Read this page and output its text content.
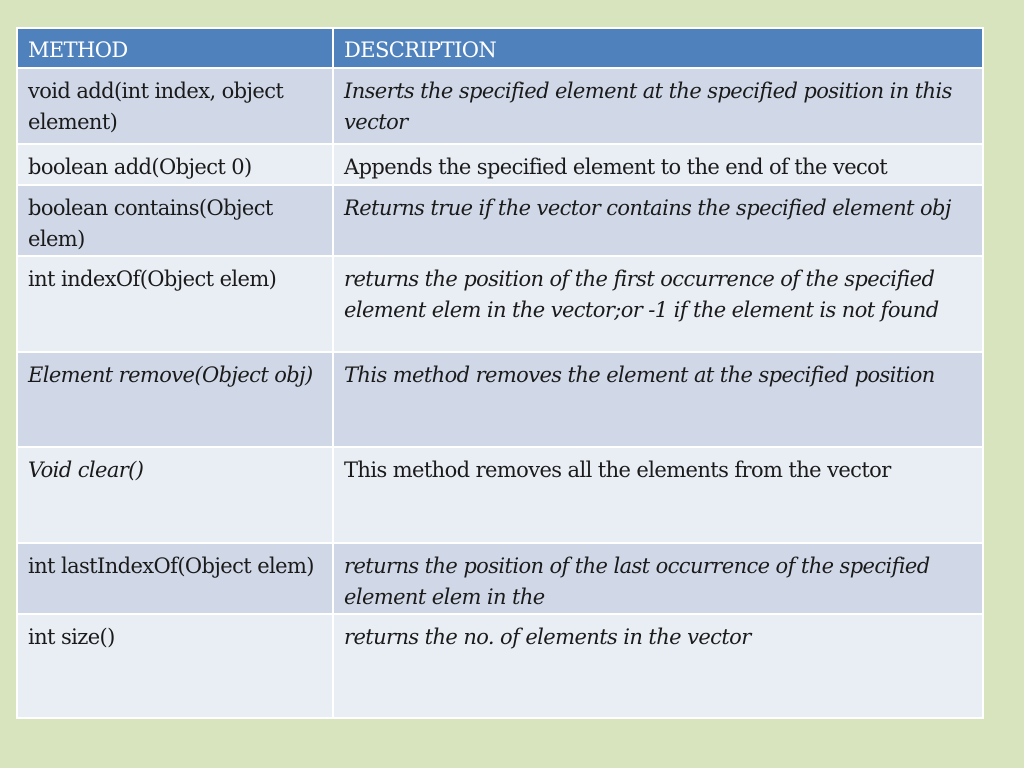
METHOD	DESCRIPTION
void add(int index, object element)	Inserts the specified element at the specified position in this vector
boolean add(Object 0)	Appends the specified element to the end of the vecot
boolean contains(Object elem)	Returns true if the vector contains the specified element obj
int indexOf(Object elem)	returns the position of the first occurrence of the specified element elem in the vector;or -1 if the element is not found
Element remove(Object obj)	This method removes the element at the specified position
Void clear()	This method removes all the elements from the vector
int lastIndexOf(Object elem)	returns the position of the last occurrence of the specified element elem in the
int size()	returns the no. of elements in the vector
